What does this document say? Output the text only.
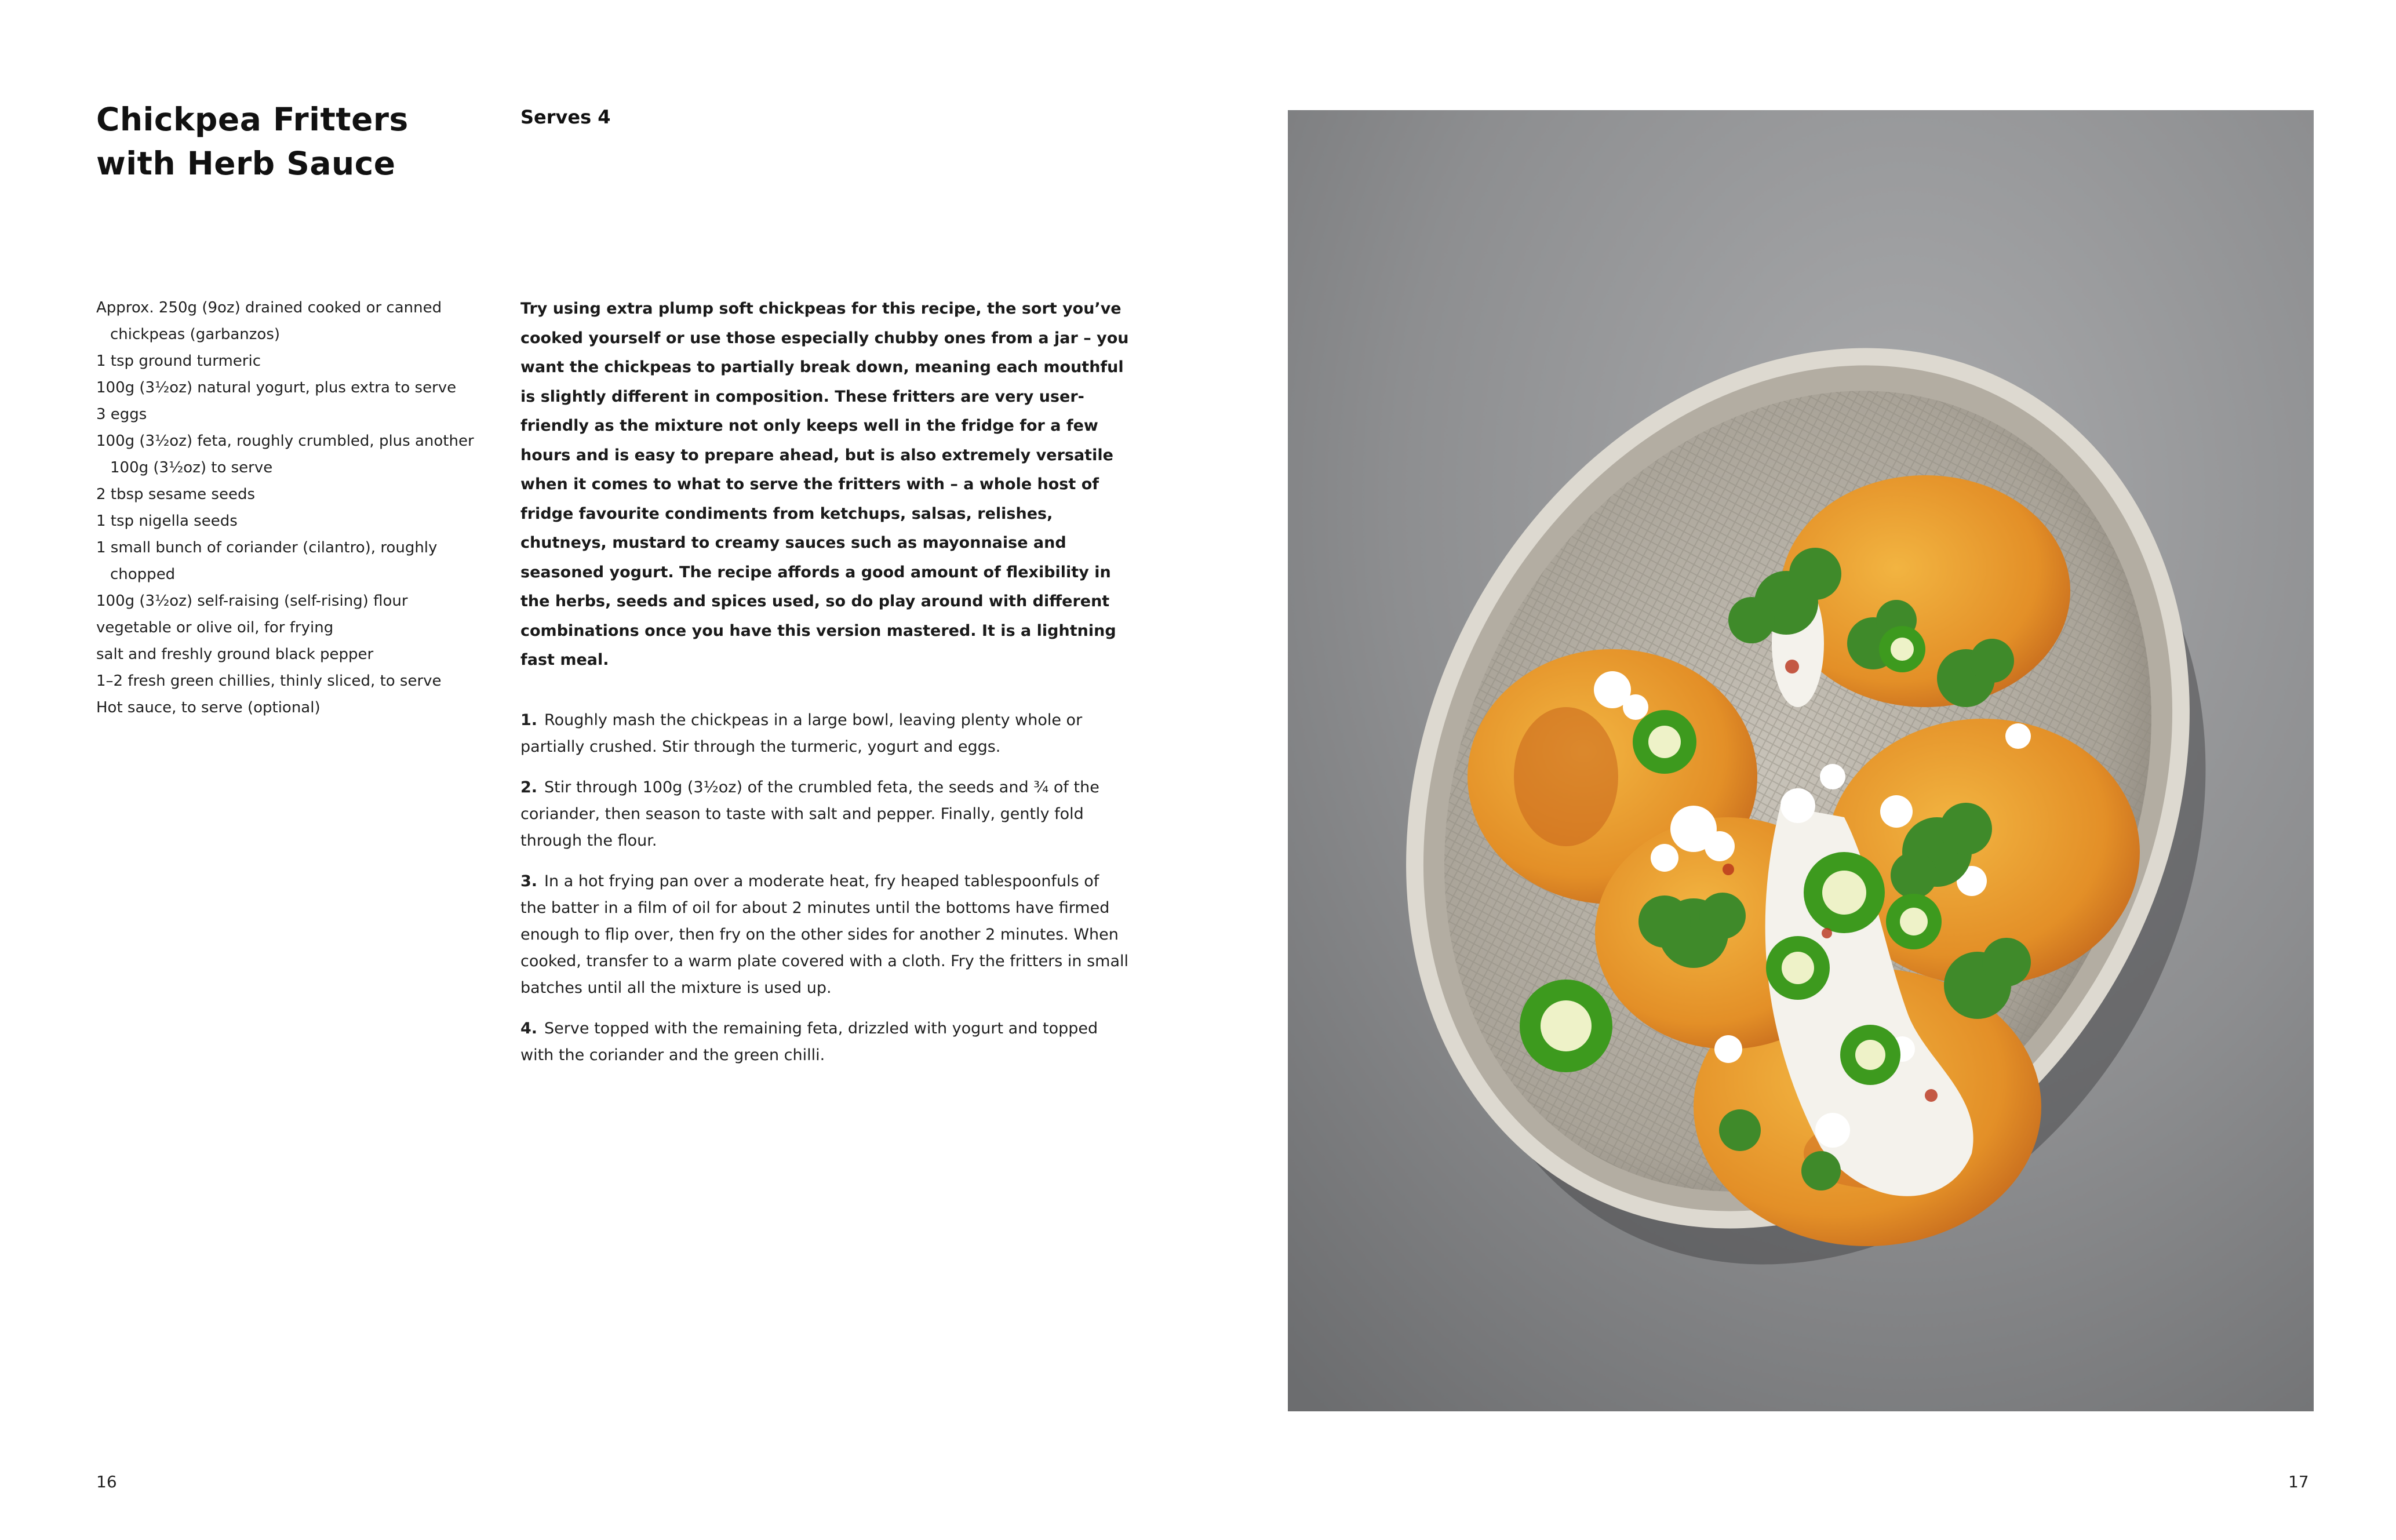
Chickpea Fritters
with Herb Sauce

Serves 4

Approx. 250g (9oz) drained cooked or canned chickpeas (garbanzos)
1 tsp ground turmeric
100g (3½oz) natural yogurt, plus extra to serve
3 eggs
100g (3½oz) feta, roughly crumbled, plus another 100g (3½oz) to serve
2 tbsp sesame seeds
1 tsp nigella seeds
1 small bunch of coriander (cilantro), roughly chopped
100g (3½oz) self-raising (self-rising) flour
vegetable or olive oil, for frying
salt and freshly ground black pepper
1–2 fresh green chillies, thinly sliced, to serve
Hot sauce, to serve (optional)

Try using extra plump soft chickpeas for this recipe, the sort you’ve cooked yourself or use those especially chubby ones from a jar – you want the chickpeas to partially break down, meaning each mouthful is slightly different in composition. These fritters are very user-friendly as the mixture not only keeps well in the fridge for a few hours and is easy to prepare ahead, but is also extremely versatile when it comes to what to serve the fritters with – a whole host of fridge favourite condiments from ketchups, salsas, relishes, chutneys, mustard to creamy sauces such as mayonnaise and seasoned yogurt. The recipe affords a good amount of flexibility in the herbs, seeds and spices used, so do play around with different combinations once you have this version mastered. It is a lightning fast meal.

1. Roughly mash the chickpeas in a large bowl, leaving plenty whole or partially crushed. Stir through the turmeric, yogurt and eggs.
2. Stir through 100g (3½oz) of the crumbled feta, the seeds and ¾ of the coriander, then season to taste with salt and pepper. Finally, gently fold through the flour.
3. In a hot frying pan over a moderate heat, fry heaped tablespoonfuls of the batter in a film of oil for about 2 minutes until the bottoms have firmed enough to flip over, then fry on the other sides for another 2 minutes. When cooked, transfer to a warm plate covered with a cloth. Fry the fritters in small batches until all the mixture is used up.
4. Serve topped with the remaining feta, drizzled with yogurt and topped with the coriander and the green chilli.

16	17
